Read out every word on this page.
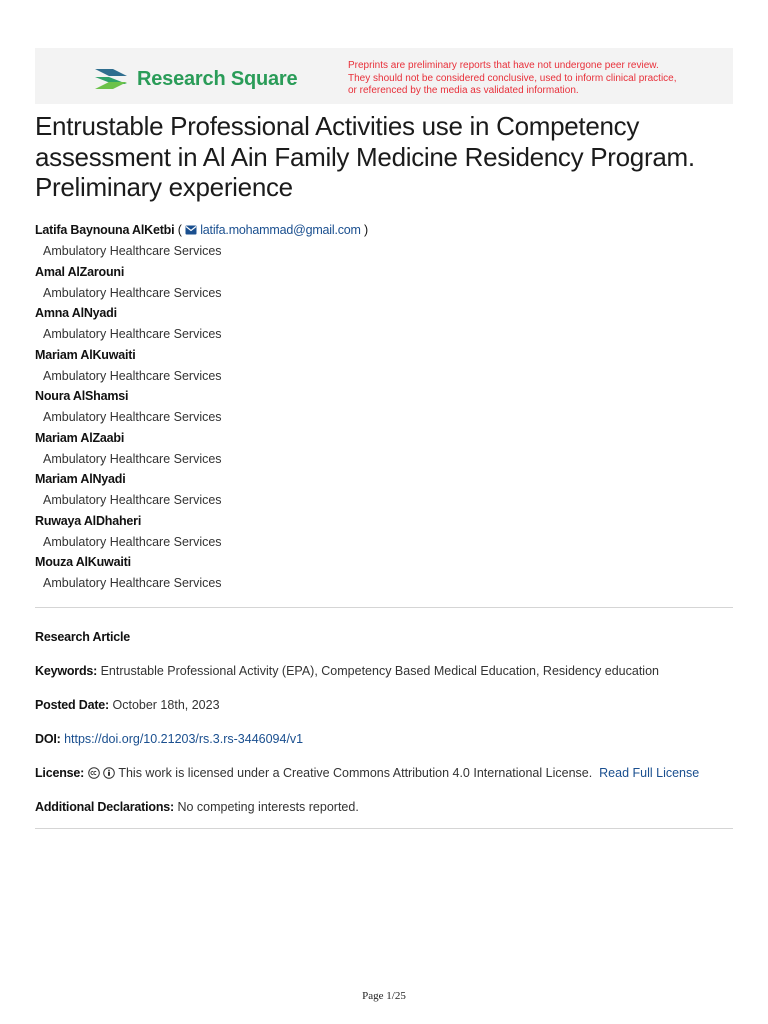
Research Square
Preprints are preliminary reports that have not undergone peer review.
They should not be considered conclusive, used to inform clinical practice,
or referenced by the media as validated information.
Entrustable Professional Activities use in Competency assessment in Al Ain Family Medicine Residency Program. Preliminary experience
Latifa Baynouna AlKetbi (  latifa.mohammad@gmail.com )
Ambulatory Healthcare Services
Amal AlZarouni
Ambulatory Healthcare Services
Amna AlNyadi
Ambulatory Healthcare Services
Mariam AlKuwaiti
Ambulatory Healthcare Services
Noura AlShamsi
Ambulatory Healthcare Services
Mariam AlZaabi
Ambulatory Healthcare Services
Mariam AlNyadi
Ambulatory Healthcare Services
Ruwaya AlDhaheri
Ambulatory Healthcare Services
Mouza AlKuwaiti
Ambulatory Healthcare Services
Research Article
Keywords: Entrustable Professional Activity (EPA), Competency Based Medical Education, Residency education
Posted Date: October 18th, 2023
DOI: https://doi.org/10.21203/rs.3.rs-3446094/v1
License:	This work is licensed under a Creative Commons Attribution 4.0 International License. Read Full License
Additional Declarations: No competing interests reported.
Page 1/25
